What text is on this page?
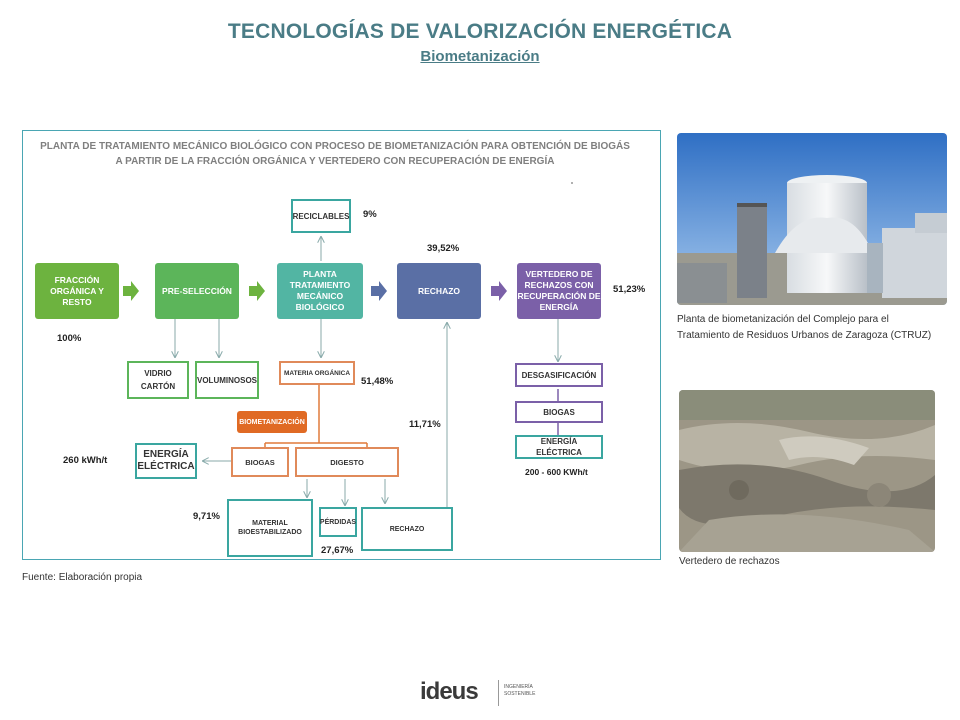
TECNOLOGÍAS DE VALORIZACIÓN ENERGÉTICA
Biometanización
PLANTA DE TRATAMIENTO MECÁNICO BIOLÓGICO CON PROCESO DE BIOMETANIZACIÓN PARA OBTENCIÓN DE BIOGÁS
A PARTIR DE LA FRACCIÓN ORGÁNICA Y VERTEDERO CON RECUPERACIÓN DE ENERGÍA
FRACCIÓN ORGÁNICA Y RESTO
PRE-SELECCIÓN
PLANTA TRATAMIENTO MECÁNICO BIOLÓGICO
RECHAZO
VERTEDERO DE RECHAZOS CON RECUPERACIÓN DE ENERGÍA
RECICLABLES
VIDRIO CARTÓN
VOLUMINOSOS
MATERIA ORGÁNICA
BIOMETANIZACIÓN
BIOGAS	DIGESTO
ENERGÍA ELÉCTRICA
MATERIAL BIOESTABILIZADO
PÉRDIDAS
RECHAZO
DESGASIFICACIÓN
BIOGAS
ENERGÍA ELÉCTRICA
100%
9%
39,52%
51,23%
51,48%
11,71%
260 kWh/t
9,71%
27,67%
200 - 600 KWh/t
Fuente: Elaboración propia
Planta de biometanización del Complejo para el Tratamiento de Residuos Urbanos de Zaragoza (CTRUZ)
Vertedero de rechazos
ideus	INGENIERÍA
SOSTENIBLE
